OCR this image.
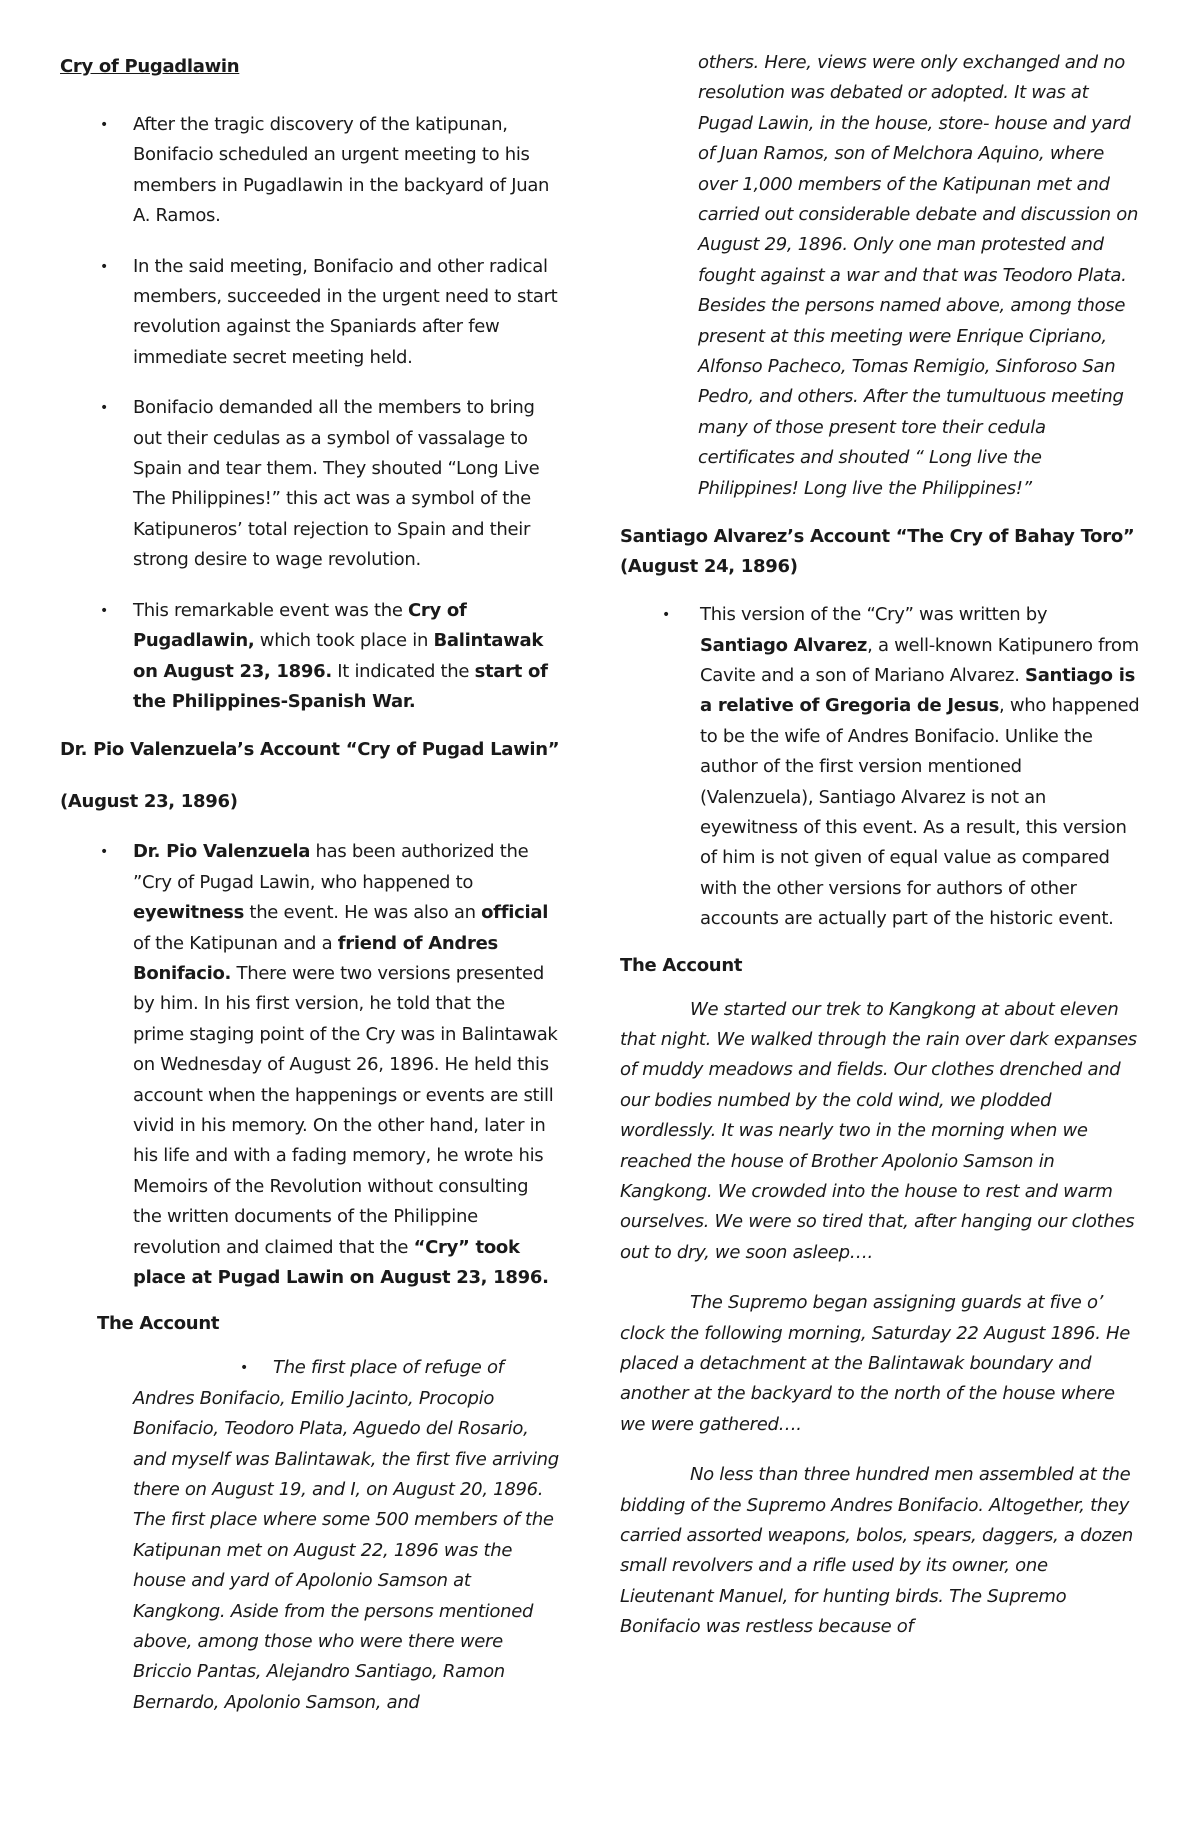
Cry of Pugadlawin
• After the tragic discovery of the katipunan, Bonifacio scheduled an urgent meeting to his members in Pugadlawin in the backyard of Juan A. Ramos.
• In the said meeting, Bonifacio and other radical members, succeeded in the urgent need to start revolution against the Spaniards after few immediate secret meeting held.
• Bonifacio demanded all the members to bring out their cedulas as a symbol of vassalage to Spain and tear them. They shouted “Long Live The Philippines!” this act was a symbol of the Katipuneros’ total rejection to Spain and their strong desire to wage revolution.
• This remarkable event was the Cry of Pugadlawin, which took place in Balintawak on August 23, 1896. It indicated the start of the Philippines-Spanish War.
Dr. Pio Valenzuela’s Account “Cry of Pugad Lawin”
(August 23, 1896)
• Dr. Pio Valenzuela has been authorized the ”Cry of Pugad Lawin, who happened to eyewitness the event. He was also an official of the Katipunan and a friend of Andres Bonifacio. There were two versions presented by him. In his first version, he told that the prime staging point of the Cry was in Balintawak on Wednesday of August 26, 1896. He held this account when the happenings or events are still vivid in his memory. On the other hand, later in his life and with a fading memory, he wrote his Memoirs of the Revolution without consulting the written documents of the Philippine revolution and claimed that the “Cry” took place at Pugad Lawin on August 23, 1896.
The Account
• The first place of refuge of Andres Bonifacio, Emilio Jacinto, Procopio Bonifacio, Teodoro Plata, Aguedo del Rosario, and myself was Balintawak, the first five arriving there on August 19, and I, on August 20, 1896. The first place where some 500 members of the Katipunan met on August 22, 1896 was the house and yard of Apolonio Samson at Kangkong. Aside from the persons mentioned above, among those who were there were Briccio Pantas, Alejandro Santiago, Ramon Bernardo, Apolonio Samson, and

others. Here, views were only exchanged and no resolution was debated or adopted. It was at Pugad Lawin, in the house, store- house and yard of Juan Ramos, son of Melchora Aquino, where over 1,000 members of the Katipunan met and carried out considerable debate and discussion on August 29, 1896. Only one man protested and fought against a war and that was Teodoro Plata. Besides the persons named above, among those present at this meeting were Enrique Cipriano, Alfonso Pacheco, Tomas Remigio, Sinforoso San Pedro, and others. After the tumultuous meeting many of those present tore their cedula certificates and shouted “ Long live the Philippines! Long live the Philippines!”

Santiago Alvarez’s Account “The Cry of Bahay Toro” (August 24, 1896)
• This version of the “Cry” was written by Santiago Alvarez, a well-known Katipunero from Cavite and a son of Mariano Alvarez. Santiago is a relative of Gregoria de Jesus, who happened to be the wife of Andres Bonifacio. Unlike the author of the first version mentioned (Valenzuela), Santiago Alvarez is not an eyewitness of this event. As a result, this version of him is not given of equal value as compared with the other versions for authors of other accounts are actually part of the historic event.
The Account

We started our trek to Kangkong at about eleven that night. We walked through the rain over dark expanses of muddy meadows and fields. Our clothes drenched and our bodies numbed by the cold wind, we plodded wordlessly. It was nearly two in the morning when we reached the house of Brother Apolonio Samson in Kangkong. We crowded into the house to rest and warm ourselves. We were so tired that, after hanging our clothes out to dry, we soon asleep….

The Supremo began assigning guards at five o’ clock the following morning, Saturday 22 August 1896. He placed a detachment at the Balintawak boundary and another at the backyard to the north of the house where we were gathered….

No less than three hundred men assembled at the bidding of the Supremo Andres Bonifacio. Altogether, they carried assorted weapons, bolos, spears, daggers, a dozen small revolvers and a rifle used by its owner, one Lieutenant Manuel, for hunting birds. The Supremo Bonifacio was restless because of
